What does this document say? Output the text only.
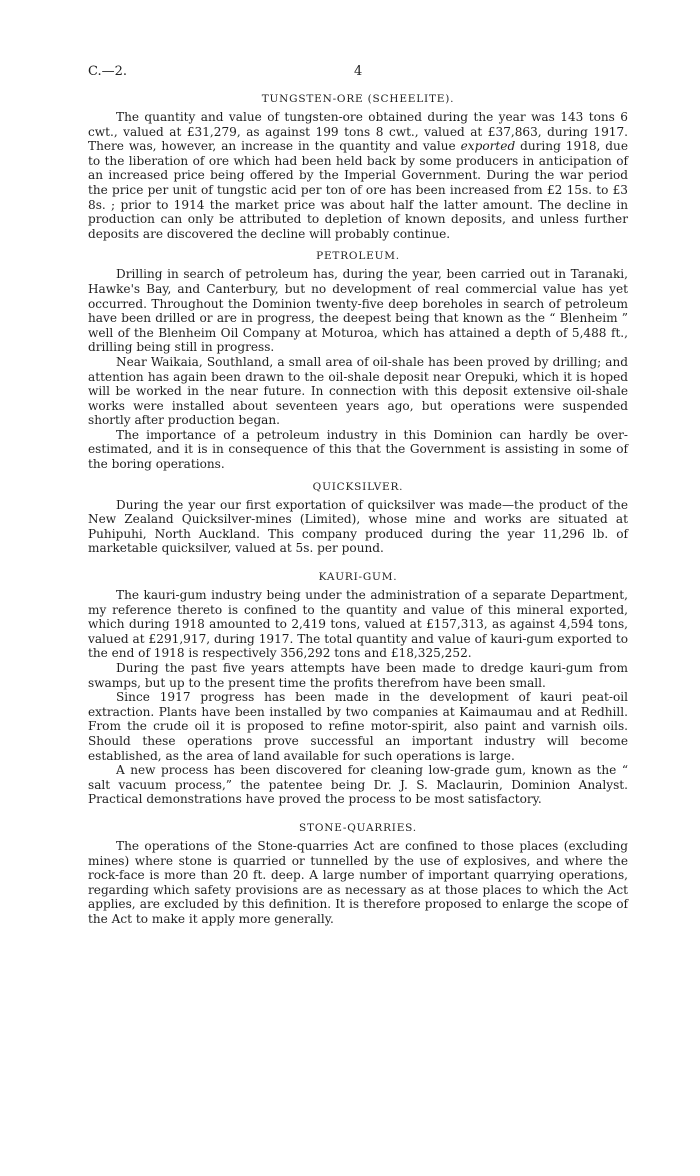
C.—2.	4
TUNGSTEN-ORE (SCHEELITE).

The quantity and value of tungsten-ore obtained during the year was 143 tons 6 cwt., valued at £31,279, as against 199 tons 8 cwt., valued at £37,863, during 1917. There was, however, an increase in the quantity and value exported during 1918, due to the liberation of ore which had been held back by some producers in anticipation of an increased price being offered by the Imperial Government. During the war period the price per unit of tungstic acid per ton of ore has been increased from £2 15s. to £3 8s. ; prior to 1914 the market price was about half the latter amount. The decline in production can only be attributed to depletion of known deposits, and unless further deposits are discovered the decline will probably continue.

PETROLEUM.

Drilling in search of petroleum has, during the year, been carried out in Taranaki, Hawke's Bay, and Canterbury, but no development of real commercial value has yet occurred. Throughout the Dominion twenty-five deep boreholes in search of petroleum have been drilled or are in progress, the deepest being that known as the “ Blenheim ” well of the Blenheim Oil Company at Moturoa, which has attained a depth of 5,488 ft., drilling being still in progress.

Near Waikaia, Southland, a small area of oil-shale has been proved by drilling; and attention has again been drawn to the oil-shale deposit near Orepuki, which it is hoped will be worked in the near future. In connection with this deposit extensive oil-shale works were installed about seventeen years ago, but operations were suspended shortly after production began.

The importance of a petroleum industry in this Dominion can hardly be over-estimated, and it is in consequence of this that the Government is assisting in some of the boring operations.

QUICKSILVER.

During the year our first exportation of quicksilver was made—the product of the New Zealand Quicksilver-mines (Limited), whose mine and works are situated at Puhipuhi, North Auckland. This company produced during the year 11,296 lb. of marketable quicksilver, valued at 5s. per pound.

KAURI-GUM.

The kauri-gum industry being under the administration of a separate Department, my reference thereto is confined to the quantity and value of this mineral exported, which during 1918 amounted to 2,419 tons, valued at £157,313, as against 4,594 tons, valued at £291,917, during 1917. The total quantity and value of kauri-gum exported to the end of 1918 is respectively 356,292 tons and £18,325,252.

During the past five years attempts have been made to dredge kauri-gum from swamps, but up to the present time the profits therefrom have been small.

Since 1917 progress has been made in the development of kauri peat-oil extraction. Plants have been installed by two companies at Kaimaumau and at Redhill. From the crude oil it is proposed to refine motor-spirit, also paint and varnish oils. Should these operations prove successful an important industry will become established, as the area of land available for such operations is large.

A new process has been discovered for cleaning low-grade gum, known as the “ salt vacuum process,” the patentee being Dr. J. S. Maclaurin, Dominion Analyst. Practical demonstrations have proved the process to be most satisfactory.

STONE-QUARRIES.

The operations of the Stone-quarries Act are confined to those places (excluding mines) where stone is quarried or tunnelled by the use of explosives, and where the rock-face is more than 20 ft. deep. A large number of important quarrying operations, regarding which safety provisions are as necessary as at those places to which the Act applies, are excluded by this definition. It is therefore proposed to enlarge the scope of the Act to make it apply more generally.
